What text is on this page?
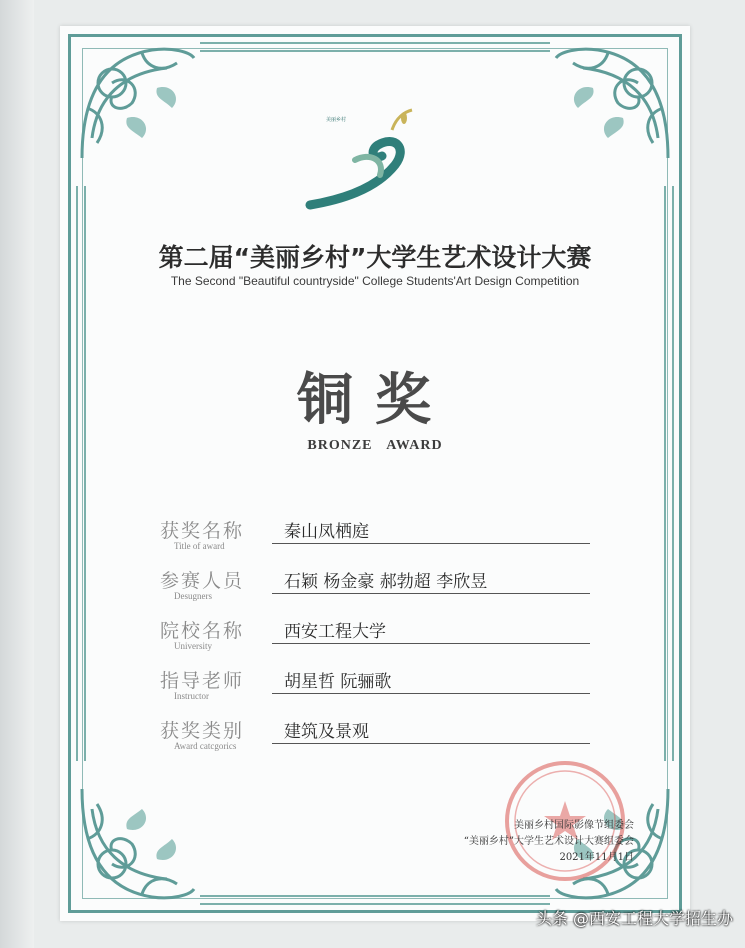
美丽乡村
第二届“美丽乡村”大学生艺术设计大赛
The Second "Beautiful countryside" College Students'Art Design Competition
铜奖
BRONZE AWARD
获奖名称
Title of award
秦山凤栖庭
参赛人员
Desugners
石颖 杨金豪 郝勃超 李欣昱
院校名称
University
西安工程大学
指导老师
Instructor
胡星哲 阮骊歌
获奖类别
Award catcgorics
建筑及景观
美丽乡村国际影像节组委会
“美丽乡村”大学生艺术设计大赛组委会
2021年11月1日
头条 @西安工程大学招生办
